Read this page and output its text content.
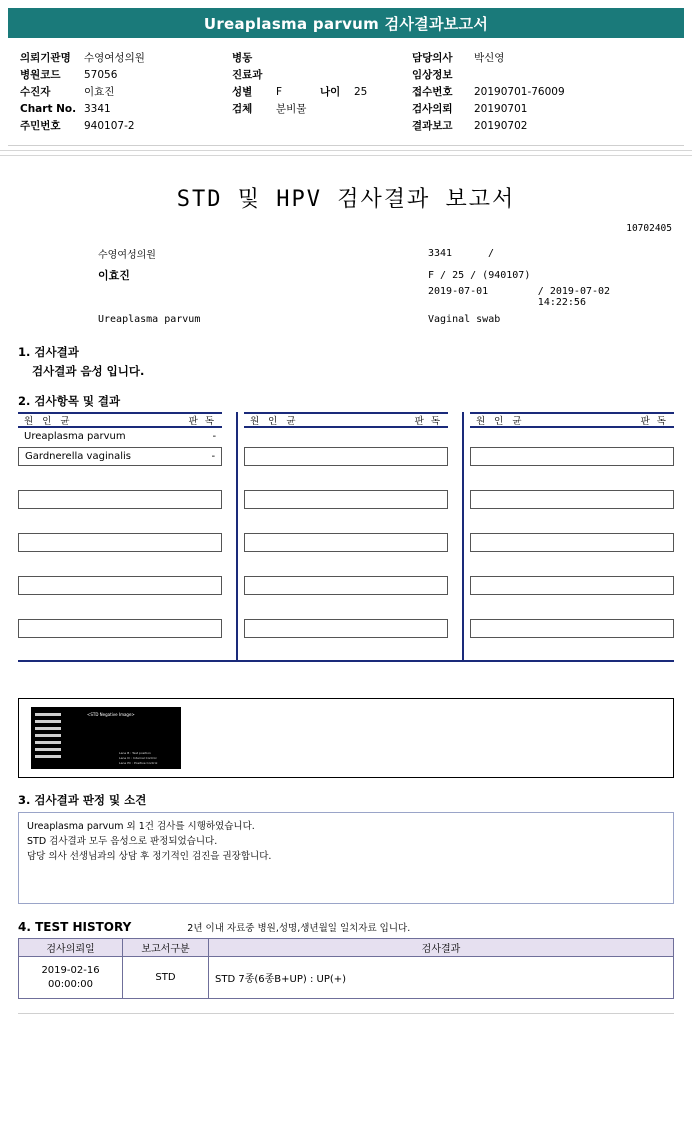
Ureaplasma parvum 검사결과보고서
의뢰기관명	수영여성의원
병원코드	57056
수진자	이효진
Chart No. 3341
주민번호	940107-2
병동
진료과
성별	F	나이	25
검체	분비물
담당의사	박신영
임상정보
접수번호	20190701-76009
검사의뢰	20190701
결과보고	20190702
STD 및 HPV 검사결과 보고서
10702405
수영여성의원	3341	/
이효진	F / 25 / (940107)
2019-07-01	/ 2019-07-02 14:22:56
Ureaplasma parvum	Vaginal swab
1. 검사결과
검사결과 음성 입니다.
2. 검사항목 및 결과
원 인 균	판 독
Ureaplasma parvum	-
Gardnerella vaginalis	-
원 인 균	판 독	원 인 균	판 독
<STD Negative Image>
Lane B : Test position
Lane IC : Internal Control
Lane PC : Positive Control
3. 검사결과 판정 및 소견
Ureaplasma parvum 외 1건 검사를 시행하였습니다.
STD 검사결과 모두 음성으로 판정되었습니다.
담당 의사 선생님과의 상담 후 정기적인 검진을 권장합니다.
4. TEST HISTORY	2년 이내 자료중 병원,성명,생년월일 일치자료 입니다.
검사의뢰일	보고서구분	검사결과

2019-02-16
00:00:00	STD	STD 7종(6종B+UP) : UP(+)
